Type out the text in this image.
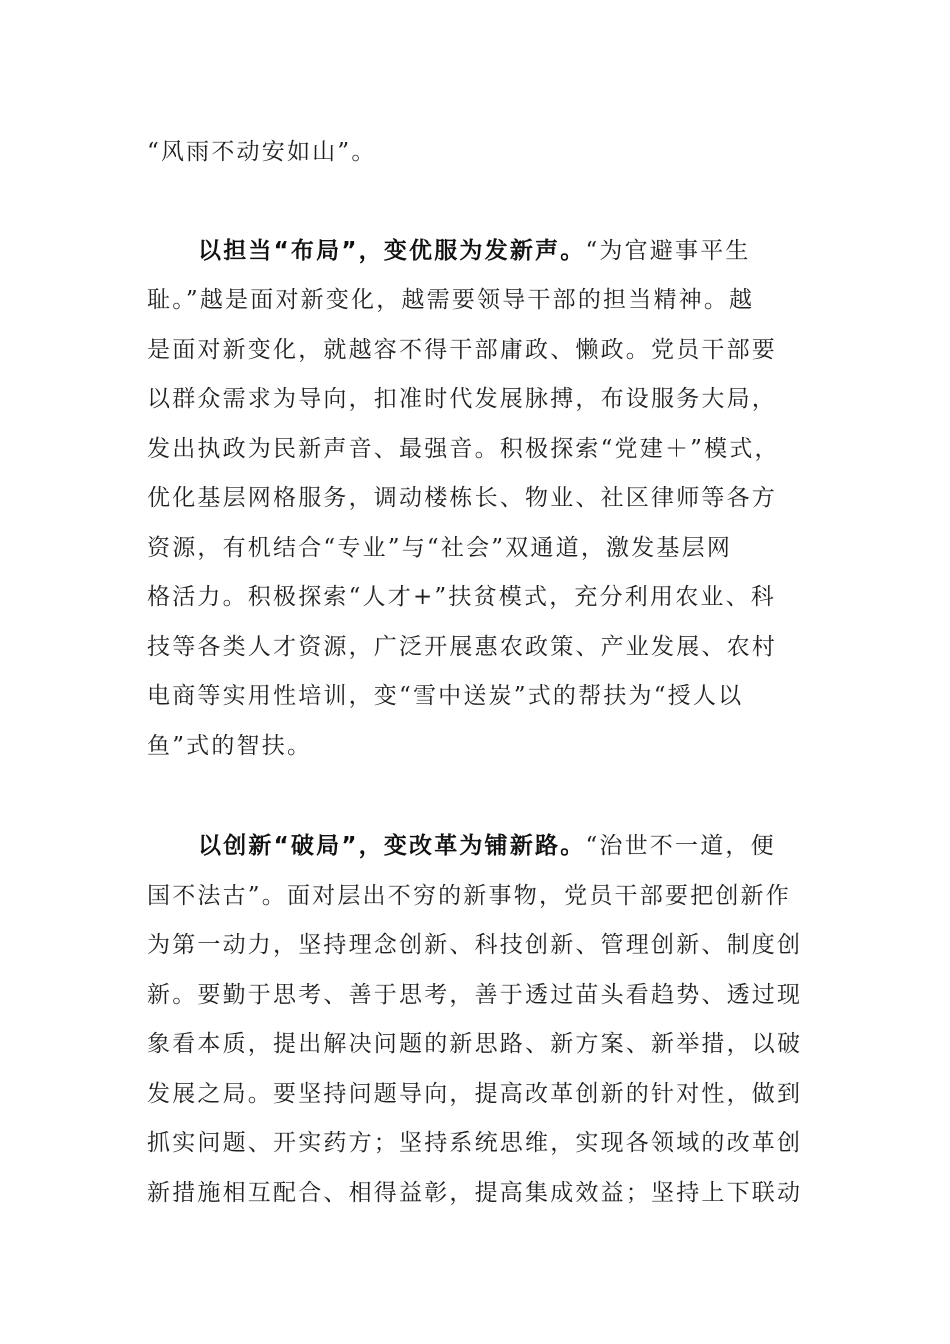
“风雨不动安如山”。
以担当“布局”，变优服为发新声。“为官避事平生
耻。”越是面对新变化，越需要领导干部的担当精神。越
是面对新变化，就越容不得干部庸政、懒政。党员干部要
以群众需求为导向，扣准时代发展脉搏，布设服务大局，
发出执政为民新声音、最强音。积极探索“党建＋”模式，
优化基层网格服务，调动楼栋长、物业、社区律师等各方
资源，有机结合“专业”与“社会”双通道，激发基层网
格活力。积极探索“人才+”扶贫模式，充分利用农业、科
技等各类人才资源，广泛开展惠农政策、产业发展、农村
电商等实用性培训，变“雪中送炭”式的帮扶为“授人以
鱼”式的智扶。
以创新“破局”，变改革为铺新路。“治世不一道，便
国不法古”。面对层出不穷的新事物，党员干部要把创新作
为第一动力，坚持理念创新、科技创新、管理创新、制度创
新。要勤于思考、善于思考，善于透过苗头看趋势、透过现
象看本质，提出解决问题的新思路、新方案、新举措，以破
发展之局。要坚持问题导向，提高改革创新的针对性，做到
抓实问题、开实药方；坚持系统思维，实现各领域的改革创
新措施相互配合、相得益彰，提高集成效益；坚持上下联动
